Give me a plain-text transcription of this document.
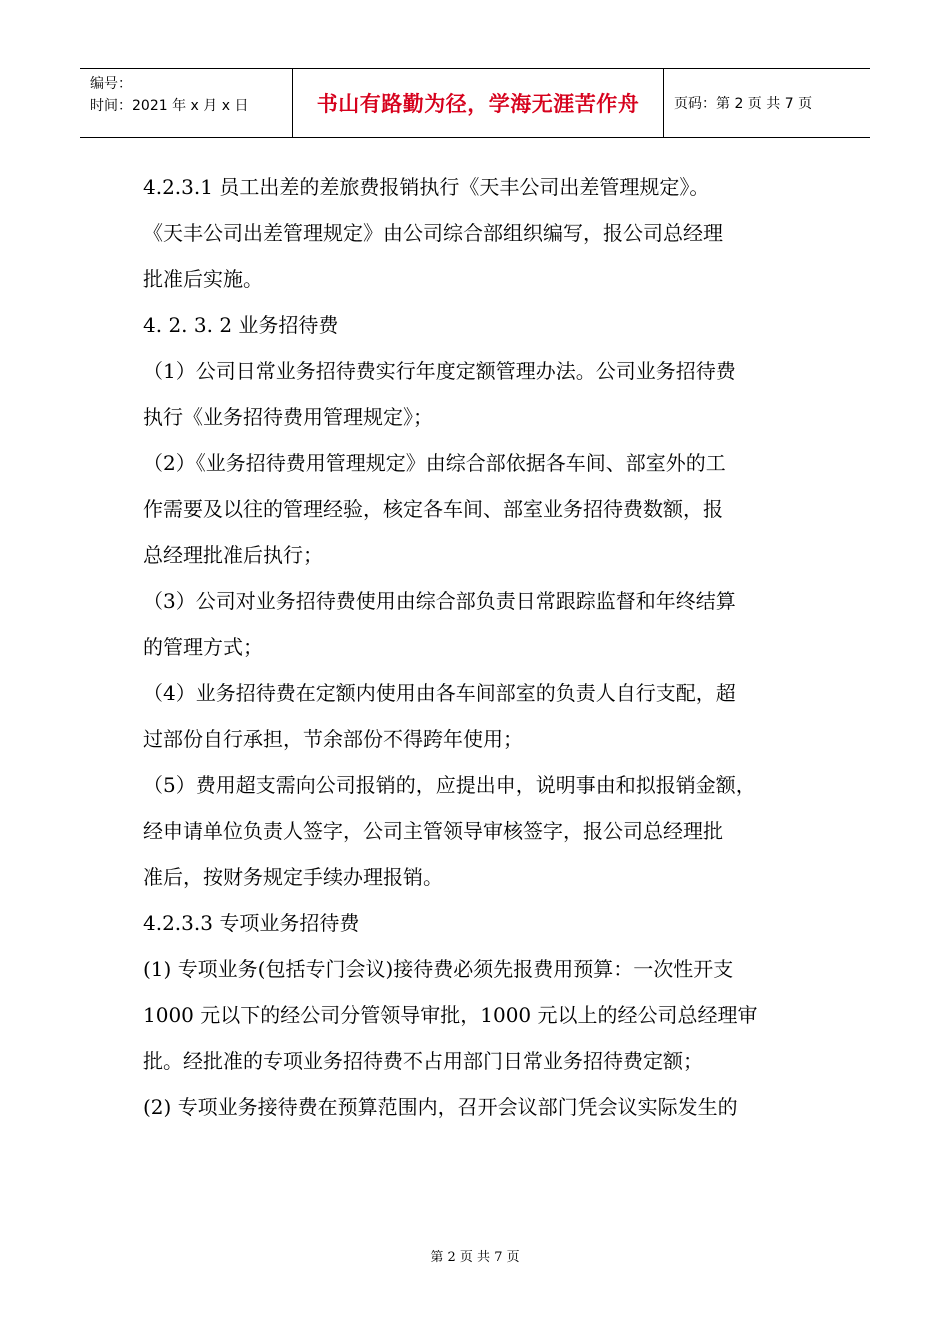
编号：
时间：2021 年 x 月 x 日	书山有路勤为径，学海无涯苦作舟	页码：第 2 页 共 7 页

4.2.3.1 员工出差的差旅费报销执行《天丰公司出差管理规定》。

《天丰公司出差管理规定》由公司综合部组织编写，报公司总经理

批准后实施。

4. 2. 3. 2 业务招待费

（1）公司日常业务招待费实行年度定额管理办法。公司业务招待费

执行《业务招待费用管理规定》；

（2）《业务招待费用管理规定》由综合部依据各车间、部室外的工

作需要及以往的管理经验，核定各车间、部室业务招待费数额，报

总经理批准后执行；

（3）公司对业务招待费使用由综合部负责日常跟踪监督和年终结算

的管理方式；

（4）业务招待费在定额内使用由各车间部室的负责人自行支配，超

过部份自行承担，节余部份不得跨年使用；

（5）费用超支需向公司报销的，应提出申，说明事由和拟报销金额，

经申请单位负责人签字，公司主管领导审核签字，报公司总经理批

准后，按财务规定手续办理报销。

4.2.3.3 专项业务招待费

(1) 专项业务(包括专门会议)接待费必须先报费用预算：一次性开支

1000 元以下的经公司分管领导审批，1000 元以上的经公司总经理审

批。经批准的专项业务招待费不占用部门日常业务招待费定额；

(2) 专项业务接待费在预算范围内，召开会议部门凭会议实际发生的

第 2 页 共 7 页
